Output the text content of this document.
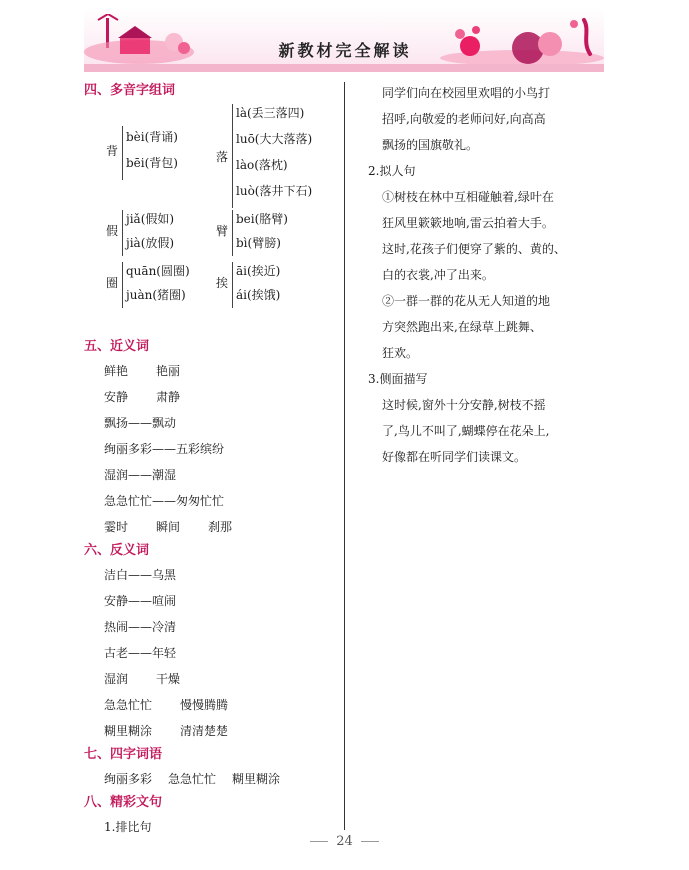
新教材完全解读
四、多音字组词
背
bèi(背诵)
bēi(背包)	落
là(丢三落四)
luō(大大落落)
lào(落枕)
luò(落井下石)
假
jiǎ(假如)
jià(放假)
臂
bei(胳臂)
bì(臂膀)
圈
quān(圆圈)
juàn(猪圈)
挨
āi(挨近)
ái(挨饿)
五、近义词
鲜艳 艳丽
安静 肃静
飘扬——飘动
绚丽多彩——五彩缤纷
湿润——潮湿
急急忙忙——匆匆忙忙
霎时 瞬间 刹那
六、反义词
洁白——乌黑
安静——喧闹
热闹——冷清
古老——年轻
湿润 干燥
急急忙忙 慢慢腾腾
糊里糊涂 清清楚楚
七、四字词语
绚丽多彩 急急忙忙 糊里糊涂
八、精彩文句
1.排比句
同学们向在校园里欢唱的小鸟打
招呼,向敬爱的老师问好,向高高
飘扬的国旗敬礼。
2.拟人句
①树枝在林中互相碰触着,绿叶在
狂风里簌簌地响,雷云拍着大手。
这时,花孩子们便穿了紫的、黄的、
白的衣裳,冲了出来。
②一群一群的花从无人知道的地
方突然跑出来,在绿草上跳舞、
狂欢。
3.侧面描写
这时候,窗外十分安静,树枝不摇
了,鸟儿不叫了,蝴蝶停在花朵上,
好像都在听同学们读课文。
24
